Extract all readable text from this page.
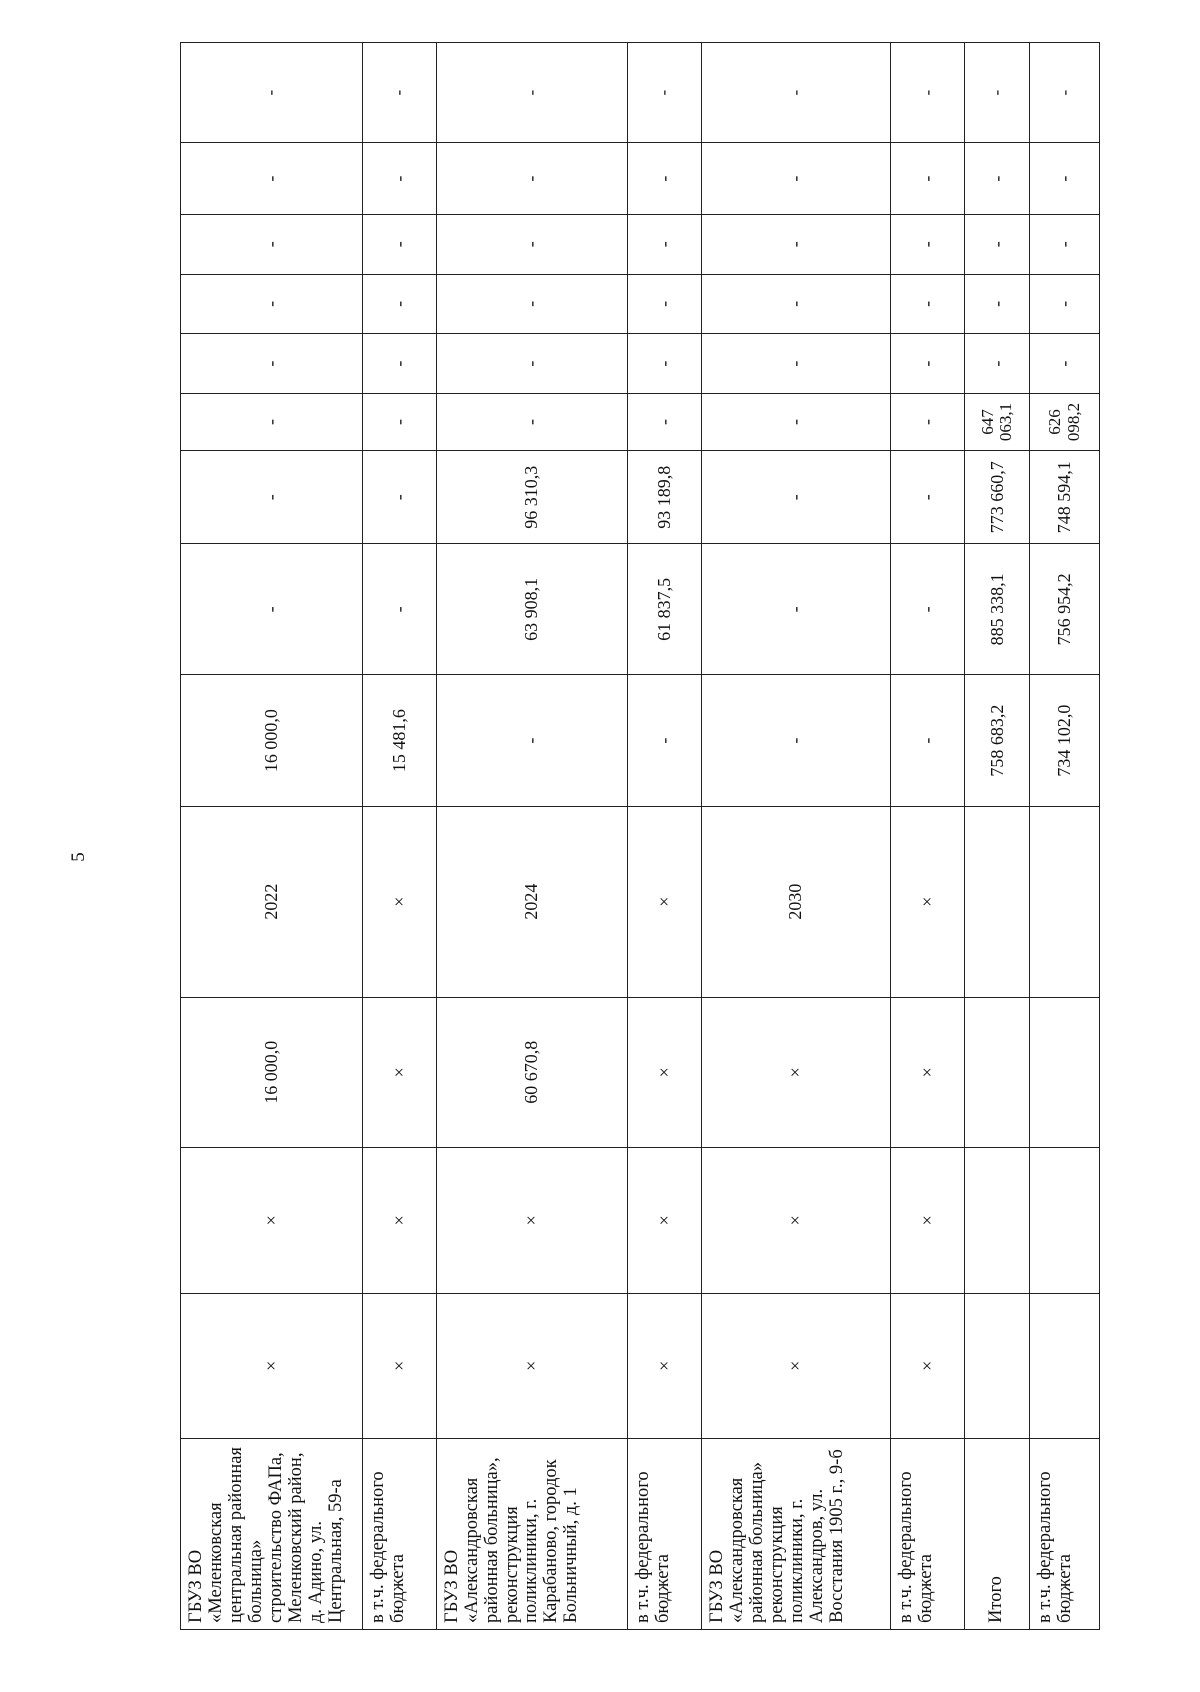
5
ГБУЗ ВО «Меленковская центральная районная больница» строительство ФАПа, Меленковский район, д. Адино, ул. Центральная, 59-а	×	×	16 000,0	2022	16 000,0	-	-	-	-	-	-	-	-
в т.ч. федерального бюджета	×	×	×	×	15 481,6	-	-	-	-	-	-	-	-
ГБУЗ ВО «Александровская районная больница», реконструкция поликлиники, г. Карабаново, городок Больничный, д. 1	×	×	60 670,8	2024	-	63 908,1	96 310,3	-	-	-	-	-	-
в т.ч. федерального бюджета	×	×	×	×	-	61 837,5	93 189,8	-	-	-	-	-	-
ГБУЗ ВО «Александровская районная больница» реконструкция поликлиники, г. Александров, ул. Восстания 1905 г., 9-б	×	×	×	2030	-	-	-	-	-	-	-	-	-
в т.ч. федерального бюджета	×	×	×	×	-	-	-	-	-	-	-	-	-
Итого					758 683,2	885 338,1	773 660,7	647 063,1	-	-	-	-	-
в т.ч. федерального бюджета					734 102,0	756 954,2	748 594,1	626 098,2	-	-	-	-	-
